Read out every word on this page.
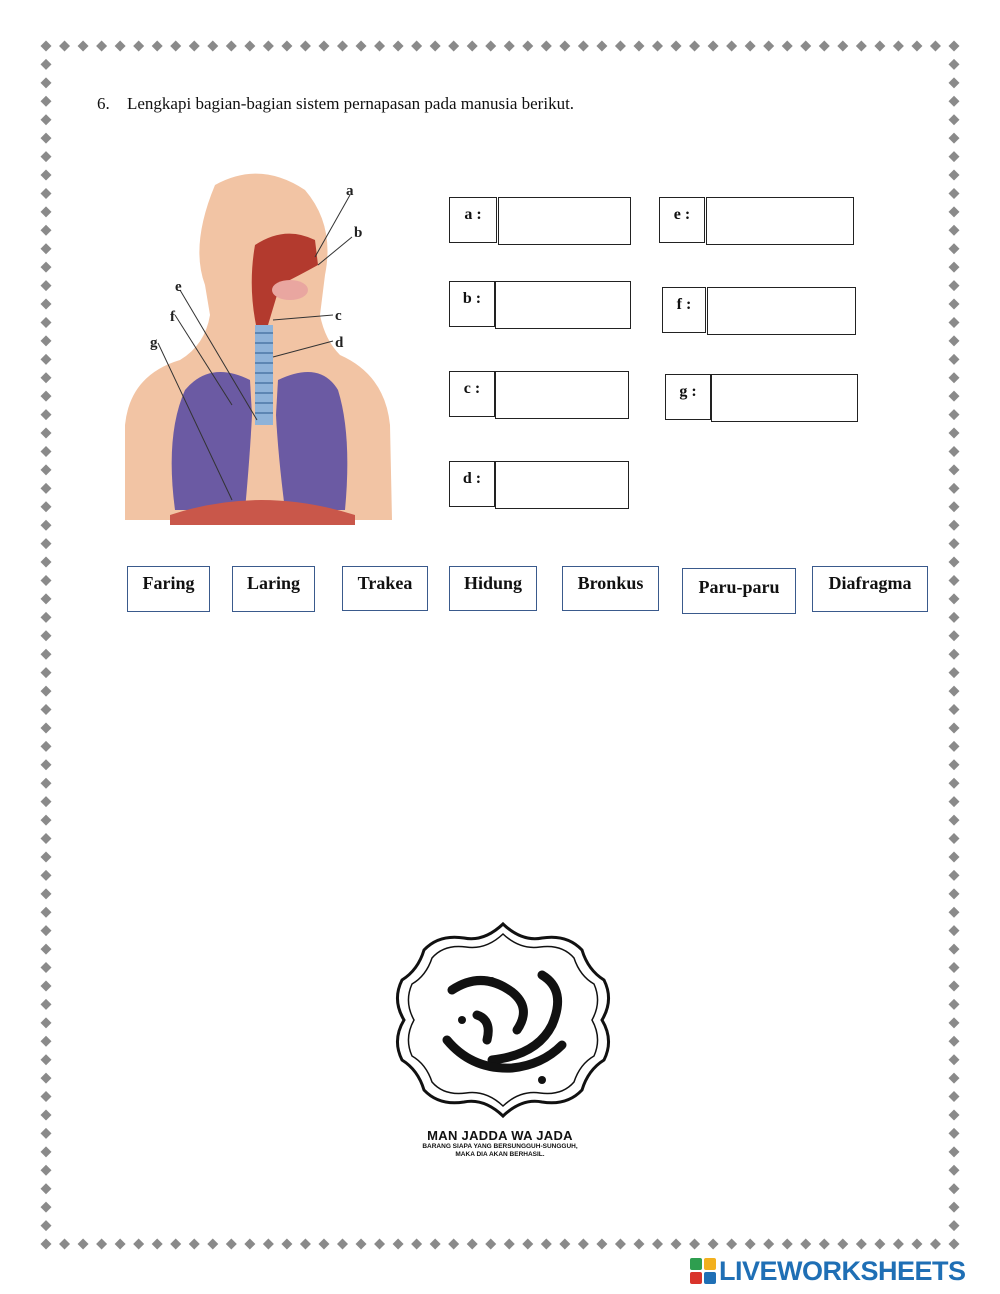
6. Lengkapi bagian-bagian sistem pernapasan pada manusia berikut.
a
b
c
d
e
f
g
a :
b :
c :
d :
e :
f :
g :
Faring	Laring	Trakea	Hidung	Bronkus	Paru-paru	Diafragma
MAN JADDA WA JADA
BARANG SIAPA YANG BERSUNGGUH-SUNGGUH,
MAKA DIA AKAN BERHASIL.
LIVEWORKSHEETS
